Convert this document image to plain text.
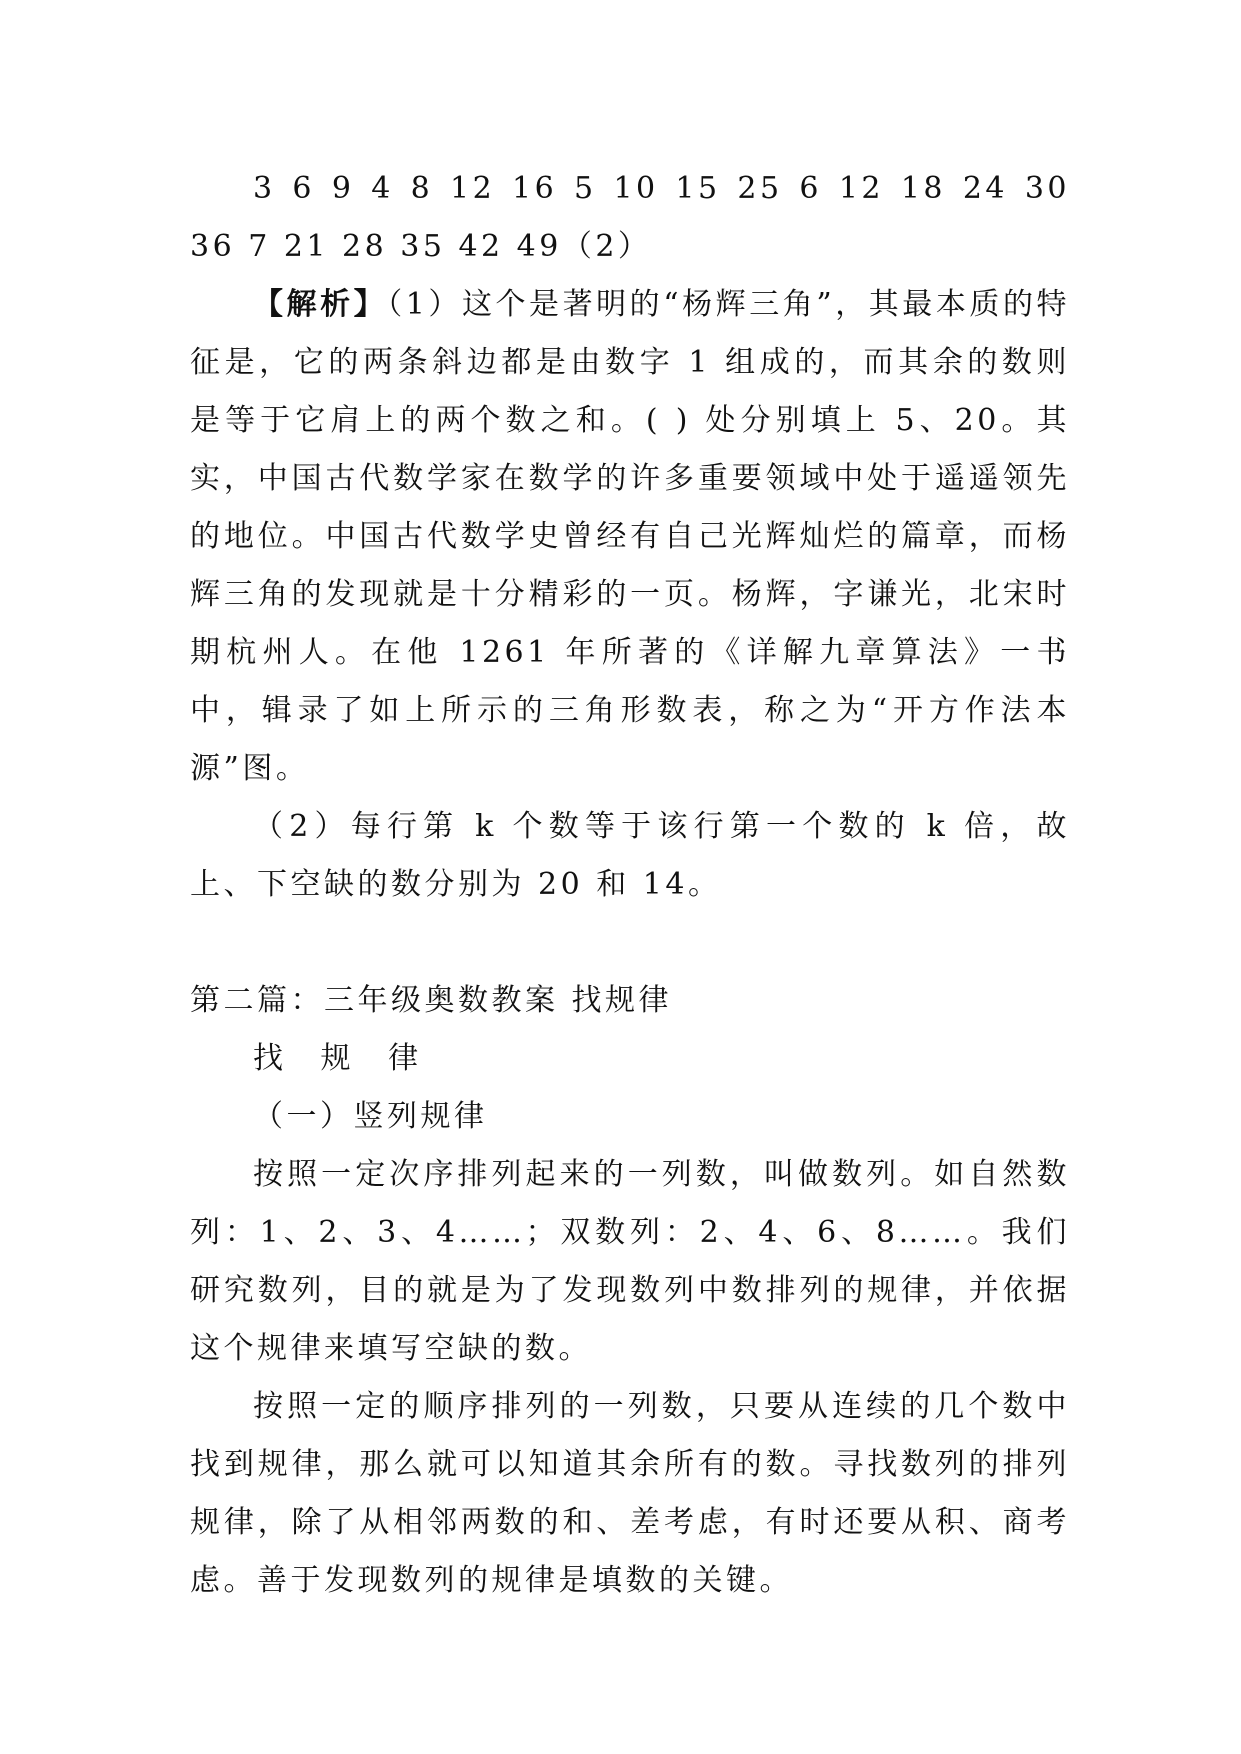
3 6 9 4 8 12 16 5 10 15 25 6 12 18 24 30 36 7 21 28 35 42 49（2）

【解析】（1）这个是著明的“杨辉三角”，其最本质的特征是，它的两条斜边都是由数字 1 组成的，而其余的数则是等于它肩上的两个数之和。( ) 处分别填上 5、20。其实，中国古代数学家在数学的许多重要领域中处于遥遥领先的地位。中国古代数学史曾经有自己光辉灿烂的篇章，而杨辉三角的发现就是十分精彩的一页。杨辉，字谦光，北宋时期杭州人。在他 1261 年所著的《详解九章算法》一书中，辑录了如上所示的三角形数表，称之为“开方作法本源”图。

（2）每行第 k 个数等于该行第一个数的 k 倍，故上、下空缺的数分别为 20 和 14。

第二篇：三年级奥数教案 找规律

找 规 律

（一）竖列规律

按照一定次序排列起来的一列数，叫做数列。如自然数列：1、2、3、4……；双数列：2、4、6、8……。我们研究数列，目的就是为了发现数列中数排列的规律，并依据这个规律来填写空缺的数。

按照一定的顺序排列的一列数，只要从连续的几个数中找到规律，那么就可以知道其余所有的数。寻找数列的排列规律，除了从相邻两数的和、差考虑，有时还要从积、商考虑。善于发现数列的规律是填数的关键。
